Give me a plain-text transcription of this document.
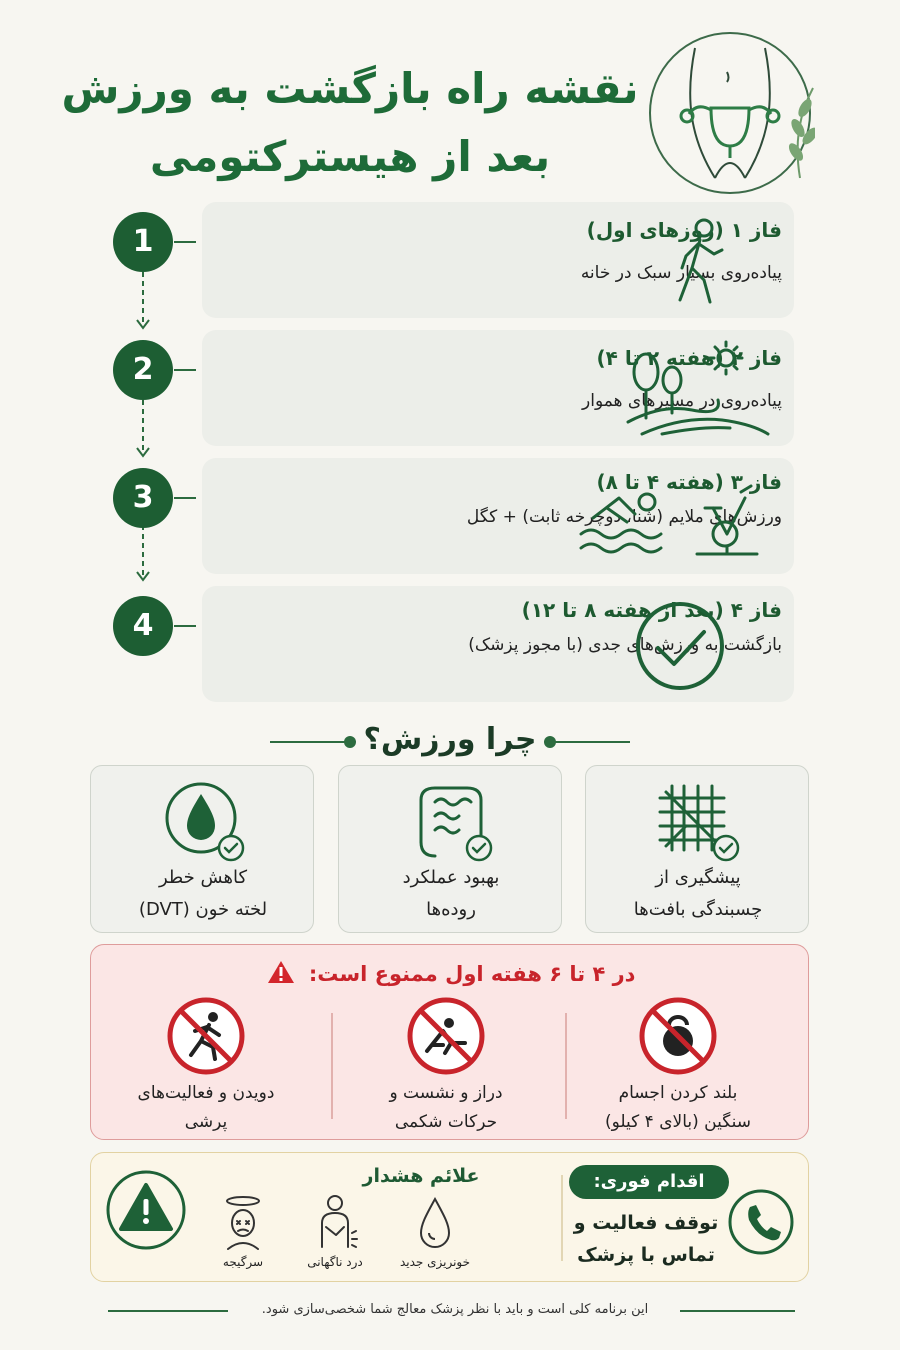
نقشه راه بازگشت به ورزش
بعد از هیسترکتومی
1	فاز ۱ (روزهای اول)
پیاده‌روی بسیار سبک در خانه
2	فاز ۲ (هفته ۲ تا ۴)
پیاده‌روی در مسیرهای هموار
3	فاز ۳ (هفته ۴ تا ۸)
ورزش‌های ملایم (شنا، دوچرخه ثابت) + کگل
4	فاز ۴ (بعد از هفته ۸ تا ۱۲)
بازگشت به ورزش‌های جدی (با مجوز پزشک)
چرا ورزش؟
پیشگیری از
چسبندگی بافت‌ها
بهبود عملکرد
روده‌ها
کاهش خطر
لخته خون (DVT)
در ۴ تا ۶ هفته اول ممنوع است:
بلند کردن اجسام
سنگین (بالای ۴ کیلو)
دراز و نشست و
حرکات شکمی
دویدن و فعالیت‌های
پرشی
علائم هشدار
سرگیجه	درد ناگهانی	خونریزی جدید
اقدام فوری:
توقف فعالیت و
تماس با پزشک
این برنامه کلی است و باید با نظر پزشک معالج شما شخصی‌سازی شود.
